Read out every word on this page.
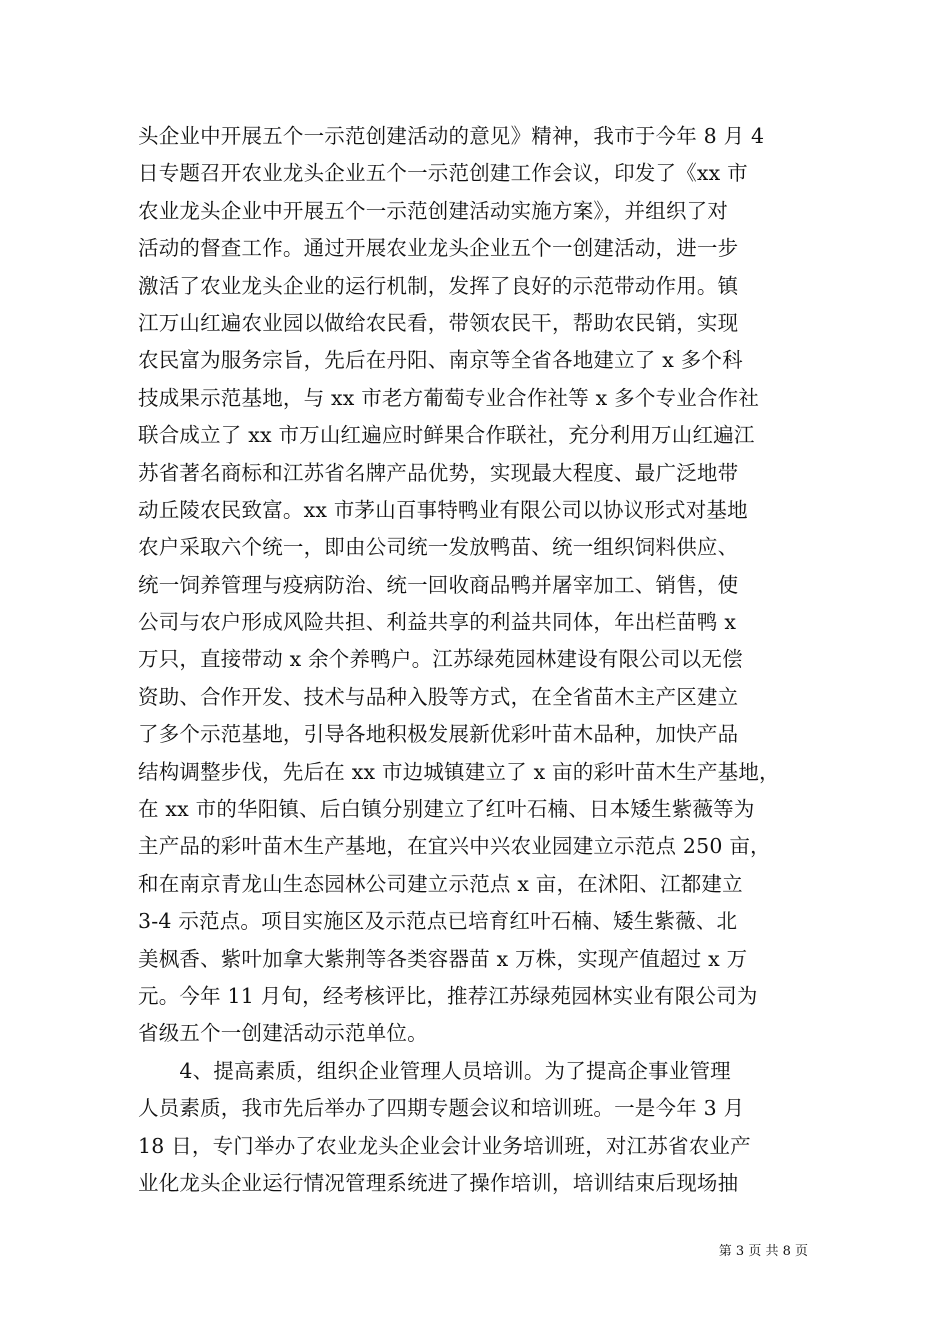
头企业中开展五个一示范创建活动的意见》精神，我市于今年 8 月 4
日专题召开农业龙头企业五个一示范创建工作会议，印发了《xx 市
农业龙头企业中开展五个一示范创建活动实施方案》，并组织了对
活动的督查工作。通过开展农业龙头企业五个一创建活动，进一步
激活了农业龙头企业的运行机制，发挥了良好的示范带动作用。镇
江万山红遍农业园以做给农民看，带领农民干，帮助农民销，实现
农民富为服务宗旨，先后在丹阳、南京等全省各地建立了 x 多个科
技成果示范基地，与 xx 市老方葡萄专业合作社等 x 多个专业合作社
联合成立了 xx 市万山红遍应时鲜果合作联社，充分利用万山红遍江
苏省著名商标和江苏省名牌产品优势，实现最大程度、最广泛地带
动丘陵农民致富。xx 市茅山百事特鸭业有限公司以协议形式对基地
农户采取六个统一，即由公司统一发放鸭苗、统一组织饲料供应、
统一饲养管理与疫病防治、统一回收商品鸭并屠宰加工、销售，使
公司与农户形成风险共担、利益共享的利益共同体，年出栏苗鸭 x
万只，直接带动 x 余个养鸭户。江苏绿苑园林建设有限公司以无偿
资助、合作开发、技术与品种入股等方式，在全省苗木主产区建立
了多个示范基地，引导各地积极发展新优彩叶苗木品种，加快产品
结构调整步伐，先后在 xx 市边城镇建立了 x 亩的彩叶苗木生产基地，
在 xx 市的华阳镇、后白镇分别建立了红叶石楠、日本矮生紫薇等为
主产品的彩叶苗木生产基地，在宜兴中兴农业园建立示范点 250 亩，
和在南京青龙山生态园林公司建立示范点 x 亩，在沭阳、江都建立
3-4 示范点。项目实施区及示范点已培育红叶石楠、矮生紫薇、北
美枫香、紫叶加拿大紫荆等各类容器苗 x 万株，实现产值超过 x 万
元。今年 11 月旬，经考核评比，推荐江苏绿苑园林实业有限公司为
省级五个一创建活动示范单位。
　　4、提高素质，组织企业管理人员培训。为了提高企事业管理
人员素质，我市先后举办了四期专题会议和培训班。一是今年 3 月
18 日，专门举办了农业龙头企业会计业务培训班，对江苏省农业产
业化龙头企业运行情况管理系统进了操作培训，培训结束后现场抽
第 3 页 共 8 页
